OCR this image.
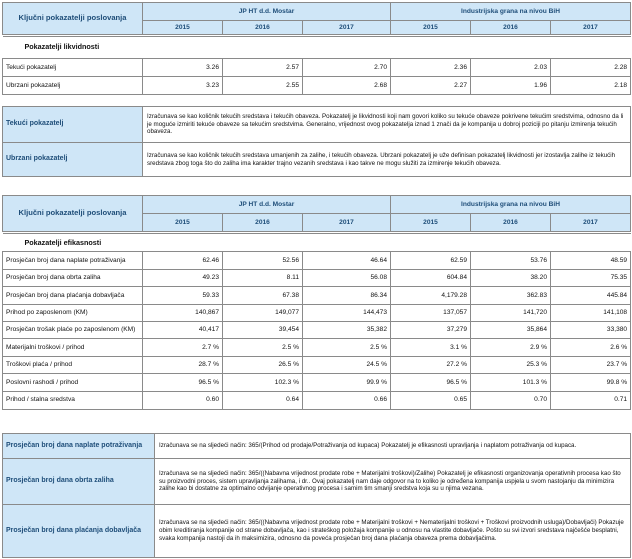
Ključni pokazatelji poslovanja	JP HT d.d. Mostar			Industrijska grana na nivou BiH		
	2015	2016	2017	2015	2016	2017
Pokazatelji likvidnosti						
Tekući pokazatelj	3.26	2.57	2.70	2.36	2.03	2.28
Ubrzani pokazatelj	3.23	2.55	2.68	2.27	1.96	2.18
Tekući pokazatelj	Izračunava se kao količnik tekućih sredstava i tekućih obaveza. Pokazatelj je likvidnosti koji nam govori koliko su tekuće obaveze pokrivene tekućim sredstvima, odnosno da li je moguće izmiriti tekuće obaveze sa tekućim sredstvima. Generalno, vrijednost ovog pokazatelja iznad 1 znači da je kompanija u dobroj poziciji po pitanju izmirenja tekućih obaveza.
Ubrzani pokazatelj	Izračunava se kao količnik tekućih sredstava umanjenih za zalihe, i tekućih obaveza. Ubrzani pokazatelj je uže definisan pokazatelj likvidnosti jer izostavlja zalihe iz tekućih sredstava zbog toga što do zaliha ima karakter trajno vezanih sredstava i kao takve ne mogu služiti za izmirenje tekućih obaveza.
Ključni pokazatelji poslovanja	JP HT d.d. Mostar			Industrijska grana na nivou BiH		
	2015	2016	2017	2015	2016	2017
Pokazatelji efikasnosti						
Prosječan broj dana naplate potraživanja	62.46	52.56	46.64	62.59	53.76	48.59
Prosječan broj dana obrta zaliha	49.23	8.11	56.08	604.84	38.20	75.35
Prosječan broj dana plaćanja dobavljača	59.33	67.38	86.34	4,179.28	362.83	445.84
Prihod po zaposlenom (KM)	140,867	149,077	144,473	137,057	141,720	141,108
Prosječan trošak plaće po zaposlenom (KM)	40,417	39,454	35,382	37,279	35,864	33,380
Materijalni troškovi / prihod	2.7 %	2.5 %	2.5 %	3.1 %	2.9 %	2.6 %
Troškovi plaća / prihod	28.7 %	26.5 %	24.5 %	27.2 %	25.3 %	23.7 %
Poslovni rashodi / prihod	96.5 %	102.3 %	99.9 %	96.5 %	101.3 %	99.8 %
Prihod / stalna sredstva	0.60	0.64	0.66	0.65	0.70	0.71
Prosječan broj dana naplate potraživanja	Izračunava se na sljedeći način: 365/(Prihod od prodaje/Potraživanja od kupaca) Pokazatelj je efikasnosti upravljanja i naplatom potraživanja od kupaca.
Prosječan broj dana obrta zaliha	Izračunava se na sljedeći način: 365/((Nabavna vrijednost prodate robe + Materijalni troškovi)/Zalihe) Pokazatelj je efikasnosti organizovanja operativnih procesa kao što su proizvodni proces, sistem upravljanja zalihama, i dr.. Ovaj pokazatelj nam daje odgovor na to koliko je određena kompanija uspjela u svom nastojanju da minimizira zalihe kao bi dostatne za optimalno odvijanje operativnog procesa i samim tim smanji sredstva koja su u njima vezana.
Prosječan broj dana plaćanja dobavljača	Izračunava se na sljedeći način: 365/((Nabavna vrijednost prodate robe + Materijalni troškovi + Nematerijalni troškovi + Troškovi proizvodnih usluga)/Dobavljači) Pokazuje obim kreditiranja kompanije od strane dobavljača, kao i strateškog položaja kompanije u odnosu na vlastite dobavljače. Pošto su svi izvori sredstava najčešće besplatni, svaka kompanija nastoji da ih maksimizira, odnosno da poveća prosječan broj dana plaćanja obaveza prema dobavljačima.
